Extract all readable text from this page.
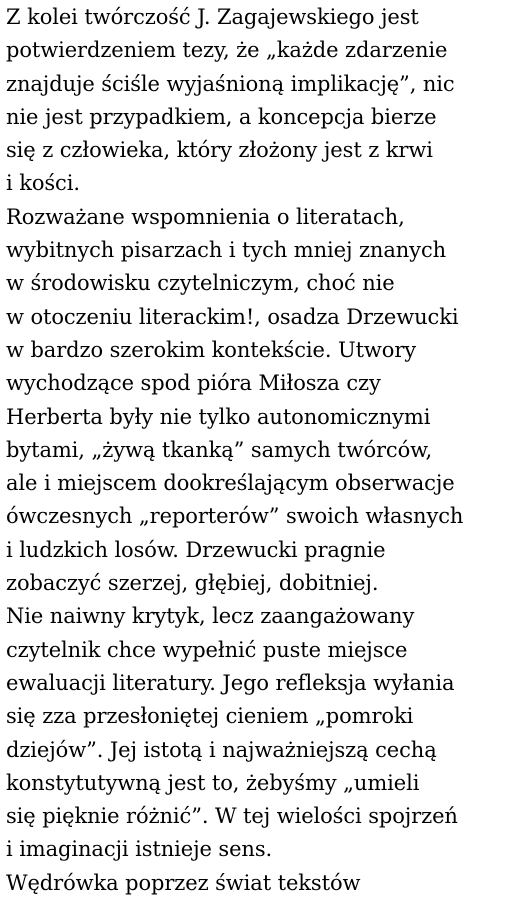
Z kolei twórczość J. Zagajewskiego jest
potwierdzeniem tezy, że „każde zdarzenie
znajduje ściśle wyjaśnioną implikację”, nic
nie jest przypadkiem, a koncepcja bierze
się z człowieka, który złożony jest z krwi
i kości.
Rozważane wspomnienia o literatach,
wybitnych pisarzach i tych mniej znanych
w środowisku czytelniczym, choć nie
w otoczeniu literackim!, osadza Drzewucki
w bardzo szerokim kontekście. Utwory
wychodzące spod pióra Miłosza czy
Herberta były nie tylko autonomicznymi
bytami, „żywą tkanką” samych twórców,
ale i miejscem dookreślającym obserwacje
ówczesnych „reporterów” swoich własnych
i ludzkich losów. Drzewucki pragnie
zobaczyć szerzej, głębiej, dobitniej.
Nie naiwny krytyk, lecz zaangażowany
czytelnik chce wypełnić puste miejsce
ewaluacji literatury. Jego refleksja wyłania
się zza przesłoniętej cieniem „pomroki
dziejów”. Jej istotą i najważniejszą cechą
konstytutywną jest to, żebyśmy „umieli
się pięknie różnić”. W tej wielości spojrzeń
i imaginacji istnieje sens.
Wędrówka poprzez świat tekstów
